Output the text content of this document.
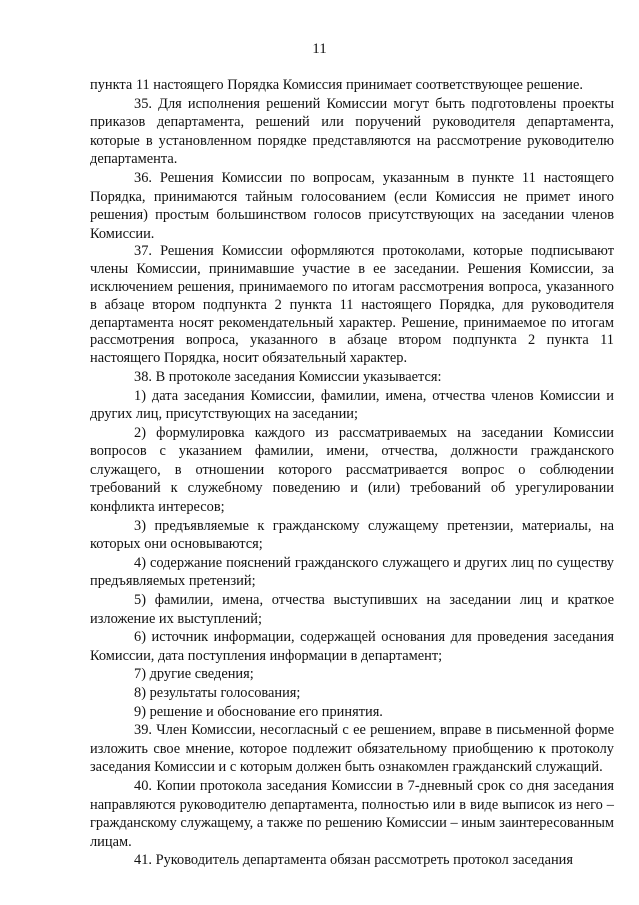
11

пункта 11 настоящего Порядка Комиссия принимает соответствующее решение.

35. Для исполнения решений Комиссии могут быть подготовлены проекты приказов департамента, решений или поручений руководителя департамента, которые в установленном порядке представляются на рассмотрение руководителю департамента.

36. Решения Комиссии по вопросам, указанным в пункте 11 настоящего Порядка, принимаются тайным голосованием (если Комиссия не примет иного решения) простым большинством голосов присутствующих на заседании членов Комиссии.

37. Решения Комиссии оформляются протоколами, которые подписывают члены Комиссии, принимавшие участие в ее заседании. Решения Комиссии, за исключением решения, принимаемого по итогам рассмотрения вопроса, указанного в абзаце втором подпункта 2 пункта 11 настоящего Порядка, для руководителя департамента носят рекомендательный характер. Решение, принимаемое по итогам рассмотрения вопроса, указанного в абзаце втором подпункта 2 пункта 11 настоящего Порядка, носит обязательный характер.

38. В протоколе заседания Комиссии указывается:

1) дата заседания Комиссии, фамилии, имена, отчества членов Комиссии и других лиц, присутствующих на заседании;

2) формулировка каждого из рассматриваемых на заседании Комиссии вопросов с указанием фамилии, имени, отчества, должности гражданского служащего, в отношении которого рассматривается вопрос о соблюдении требований к служебному поведению и (или) требований об урегулировании конфликта интересов;

3) предъявляемые к гражданскому служащему претензии, материалы, на которых они основываются;

4) содержание пояснений гражданского служащего и других лиц по существу предъявляемых претензий;

5) фамилии, имена, отчества выступивших на заседании лиц и краткое изложение их выступлений;

6) источник информации, содержащей основания для проведения заседания Комиссии, дата поступления информации в департамент;

7) другие сведения;

8) результаты голосования;

9) решение и обоснование его принятия.

39. Член Комиссии, несогласный с ее решением, вправе в письменной форме изложить свое мнение, которое подлежит обязательному приобщению к протоколу заседания Комиссии и с которым должен быть ознакомлен гражданский служащий.

40. Копии протокола заседания Комиссии в 7-дневный срок со дня заседания направляются руководителю департамента, полностью или в виде выписок из него – гражданскому служащему, а также по решению Комиссии – иным заинтересованным лицам.

41. Руководитель департамента обязан рассмотреть протокол заседания
